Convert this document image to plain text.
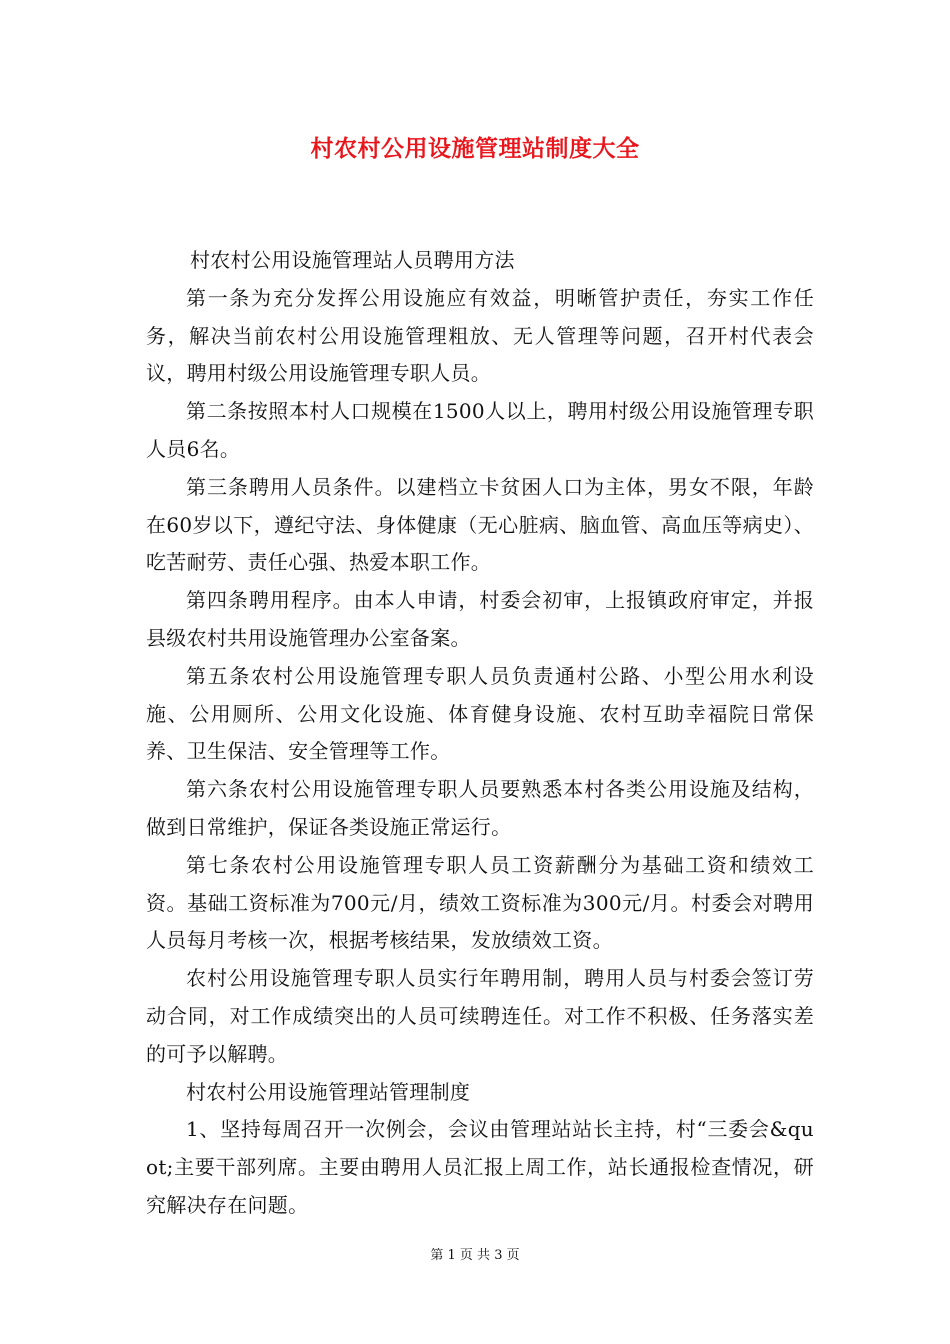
村农村公用设施管理站制度大全

村农村公用设施管理站人员聘用方法

第一条为充分发挥公用设施应有效益，明晰管护责任，夯实工作任务，解决当前农村公用设施管理粗放、无人管理等问题，召开村代表会议，聘用村级公用设施管理专职人员。

第二条按照本村人口规模在1500人以上，聘用村级公用设施管理专职人员6名。

第三条聘用人员条件。以建档立卡贫困人口为主体，男女不限，年龄在60岁以下，遵纪守法、身体健康（无心脏病、脑血管、高血压等病史）、吃苦耐劳、责任心强、热爱本职工作。

第四条聘用程序。由本人申请，村委会初审，上报镇政府审定，并报县级农村共用设施管理办公室备案。

第五条农村公用设施管理专职人员负责通村公路、小型公用水利设施、公用厕所、公用文化设施、体育健身设施、农村互助幸福院日常保养、卫生保洁、安全管理等工作。

第六条农村公用设施管理专职人员要熟悉本村各类公用设施及结构，做到日常维护，保证各类设施正常运行。

第七条农村公用设施管理专职人员工资薪酬分为基础工资和绩效工资。基础工资标准为700元/月，绩效工资标准为300元/月。村委会对聘用人员每月考核一次，根据考核结果，发放绩效工资。

农村公用设施管理专职人员实行年聘用制，聘用人员与村委会签订劳动合同，对工作成绩突出的人员可续聘连任。对工作不积极、任务落实差的可予以解聘。

村农村公用设施管理站管理制度

1、坚持每周召开一次例会，会议由管理站站长主持，村“三委会&quot;主要干部列席。主要由聘用人员汇报上周工作，站长通报检查情况，研究解决存在问题。

第 1 页 共 3 页
